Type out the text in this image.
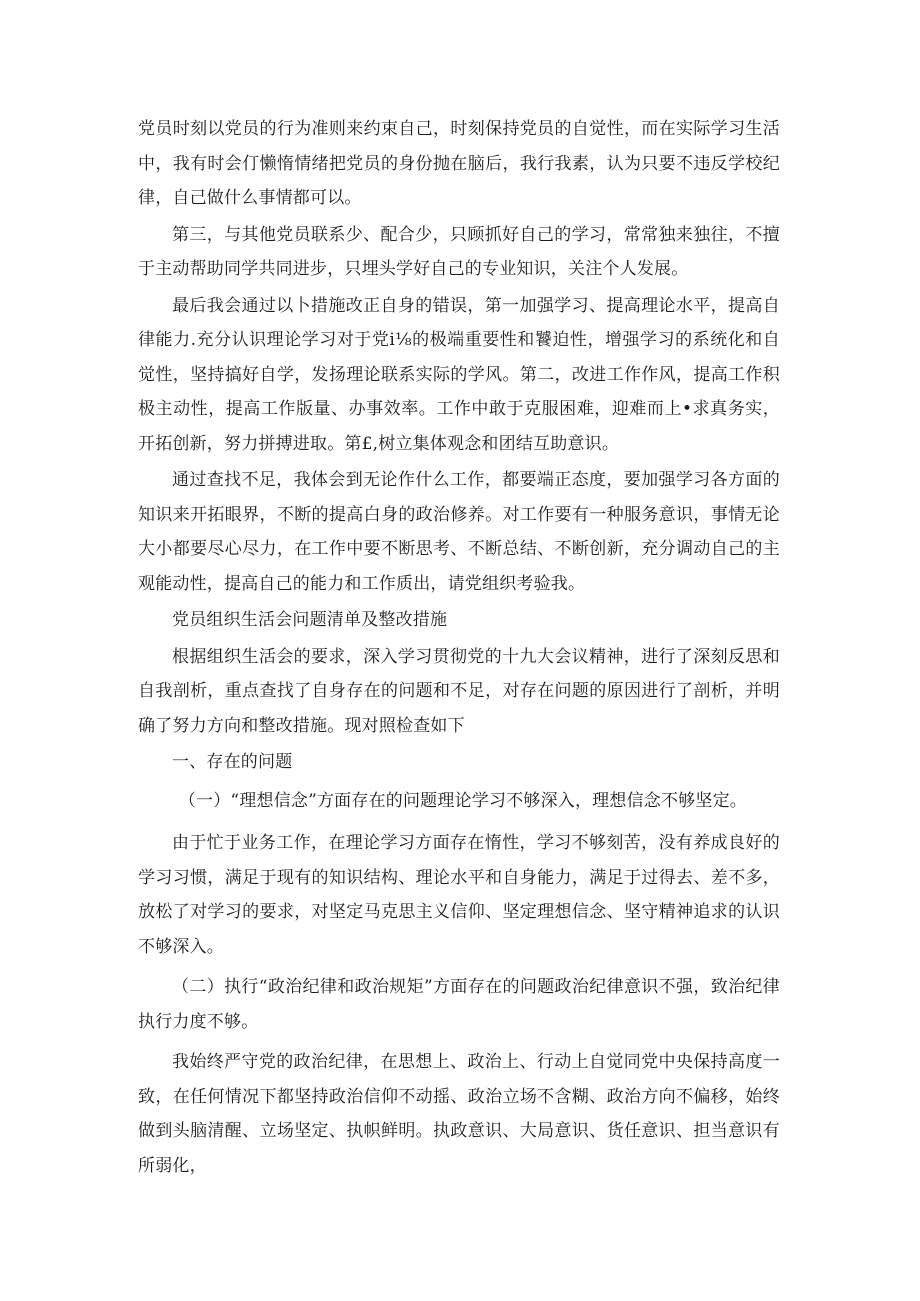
党员时刻以党员的行为准则来约束自己，时刻保持党员的自觉性，而在实际学习生活中，我有时会仃懒惰情绪把党员的身份抛在脑后，我行我素，认为只要不违反学校纪律，自己做什么事情都可以。

第三，与其他党员联系少、配合少，只顾抓好自己的学习，常常独来独往，不擅于主动帮助同学共同进步，只埋头学好自己的专业知识，关注个人发展。

最后我会通过以卜措施改正自身的错误，第一加强学习、提高理论水平，提高自律能力.充分认识理论学习对于党i⅛的极端重要性和饕迫性，增强学习的系统化和自觉性，坚持搞好自学，发扬理论联系实际的学风。第二，改进工作作风，提高工作积极主动性，提高工作版量、办事效率。工作中敢于克服困难，迎难而上•求真务实，开拓创新，努力拼搏进取。第£,树立集体观念和团结互助意识。

通过查找不足，我体会到无论作什么工作，都要端正态度，要加强学习各方面的知识来开拓眼界，不断的提高白身的政治修养。对工作要有一种服务意识，事情无论大小都要尽心尽力，在工作中要不断思考、不断总结、不断创新，充分调动自己的主观能动性，提高自己的能力和工作质出，请党组织考验我。

党员组织生活会问题清单及整改措施

根据组织生活会的要求，深入学习贯彻党的十九大会议精神，进行了深刻反思和自我剖析，重点查找了自身存在的问题和不足，对存在问题的原因进行了剖析，并明确了努力方向和整改措施。现对照检查如下

一、存在的问题

（一）“理想信念”方面存在的问题理论学习不够深入，理想信念不够坚定。

由于忙于业务工作，在理论学习方面存在惰性，学习不够刻苦，没有养成良好的学习习惯，满足于现有的知识结构、理论水平和自身能力，满足于过得去、差不多，放松了对学习的要求，对坚定马克思主义信仰、坚定理想信念、坚守精神追求的认识不够深入。

（二）执行“政治纪律和政治规矩”方面存在的问题政治纪律意识不强，致治纪律执行力度不够。

我始终严守党的政治纪律，在思想上、政治上、行动上自觉同党中央保持高度一致，在任何情况下都坚持政治信仰不动摇、政治立场不含糊、政治方向不偏移，始终做到头脑清醒、立场坚定、执帜鲜明。执政意识、大局意识、货任意识、担当意识有所弱化，
